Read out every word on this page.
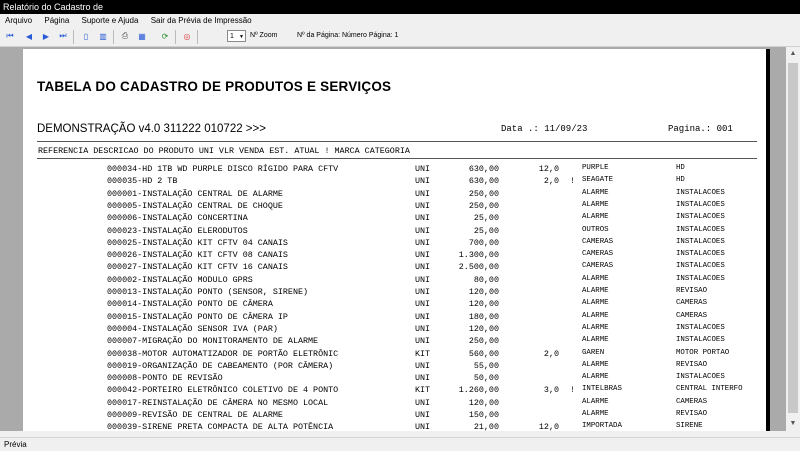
Relatório do Cadastro de
Arquivo Página Suporte e Ajuda Sair da Prévia de Impressão
⏮ ◀ ▶ ⏭	▯	▥ ⎙ ▦ ⟳ ◎	1 ▼ Nº Zoom	Nº da Página: Número Página: 1
TABELA DO CADASTRO DE PRODUTOS E SERVIÇOS
DEMONSTRAÇÃO v4.0 311222 010722 >>>	Data .: 11/09/23	Pagina.: 001
REFERENCIA DESCRICAO DO PRODUTO UNI VLR VENDA EST. ATUAL ! MARCA CATEGORIA
000034-HD 1TB WD PURPLE DISCO RÍGIDO PARA CFTV	UNI	630,00	12,0	PURPLE	HD
000035-HD 2 TB	UNI	630,00	2,0 ! SEAGATE	HD
000001-INSTALAÇÃO CENTRAL DE ALARME	UNI	250,00	ALARME	INSTALACOES
000005-INSTALAÇÃO CENTRAL DE CHOQUE	UNI	250,00	ALARME	INSTALACOES
000006-INSTALAÇÃO CONCERTINA	UNI	25,00	ALARME	INSTALACOES
000023-INSTALAÇÃO ELERODUTOS	UNI	25,00	OUTROS	INSTALACOES
000025-INSTALAÇÃO KIT CFTV 04 CANAIS	UNI	700,00	CAMERAS	INSTALACOES
000026-INSTALAÇÃO KIT CFTV 08 CANAIS	UNI	1.300,00	CAMERAS	INSTALACOES
000027-INSTALAÇÃO KIT CFTV 16 CANAIS	UNI	2.500,00	CAMERAS	INSTALACOES
000002-INSTALAÇÃO MODULO GPRS	UNI	80,00	ALARME	INSTALACOES
000013-INSTALAÇÃO PONTO (SENSOR, SIRENE)	UNI	120,00	ALARME	REVISAO
000014-INSTALAÇÃO PONTO DE CÂMERA	UNI	120,00	ALARME	CAMERAS
000015-INSTALAÇÃO PONTO DE CÂMERA IP	UNI	180,00	ALARME	CAMERAS
000004-INSTALAÇÃO SENSOR IVA (PAR)	UNI	120,00	ALARME	INSTALACOES
000007-MIGRAÇÃO DO MONITORAMENTO DE ALARME	UNI	250,00	ALARME	INSTALACOES
000038-MOTOR AUTOMATIZADOR DE PORTÃO ELETRÔNIC	KIT	560,00	2,0	GAREN	MOTOR PORTAO
000019-ORGANIZAÇÃO DE CABEAMENTO (POR CÂMERA)	UNI	55,00	ALARME	REVISAO
000008-PONTO DE REVISÃO	UNI	50,00	ALARME	INSTALACOES
000042-PORTEIRO ELETRÔNICO COLETIVO DE 4 PONTO	KIT	1.260,00	3,0 ! INTELBRAS	CENTRAL INTERFO
000017-REINSTALAÇÃO DE CÂMERA NO MESMO LOCAL	UNI	120,00	ALARME	CAMERAS
000009-REVISÃO DE CENTRAL DE ALARME	UNI	150,00	ALARME	REVISAO
000039-SIRENE PRETA COMPACTA DE ALTA POTÊNCIA	UNI	21,00	12,0	IMPORTADA	SIRENE
▲
▼
Prévia
